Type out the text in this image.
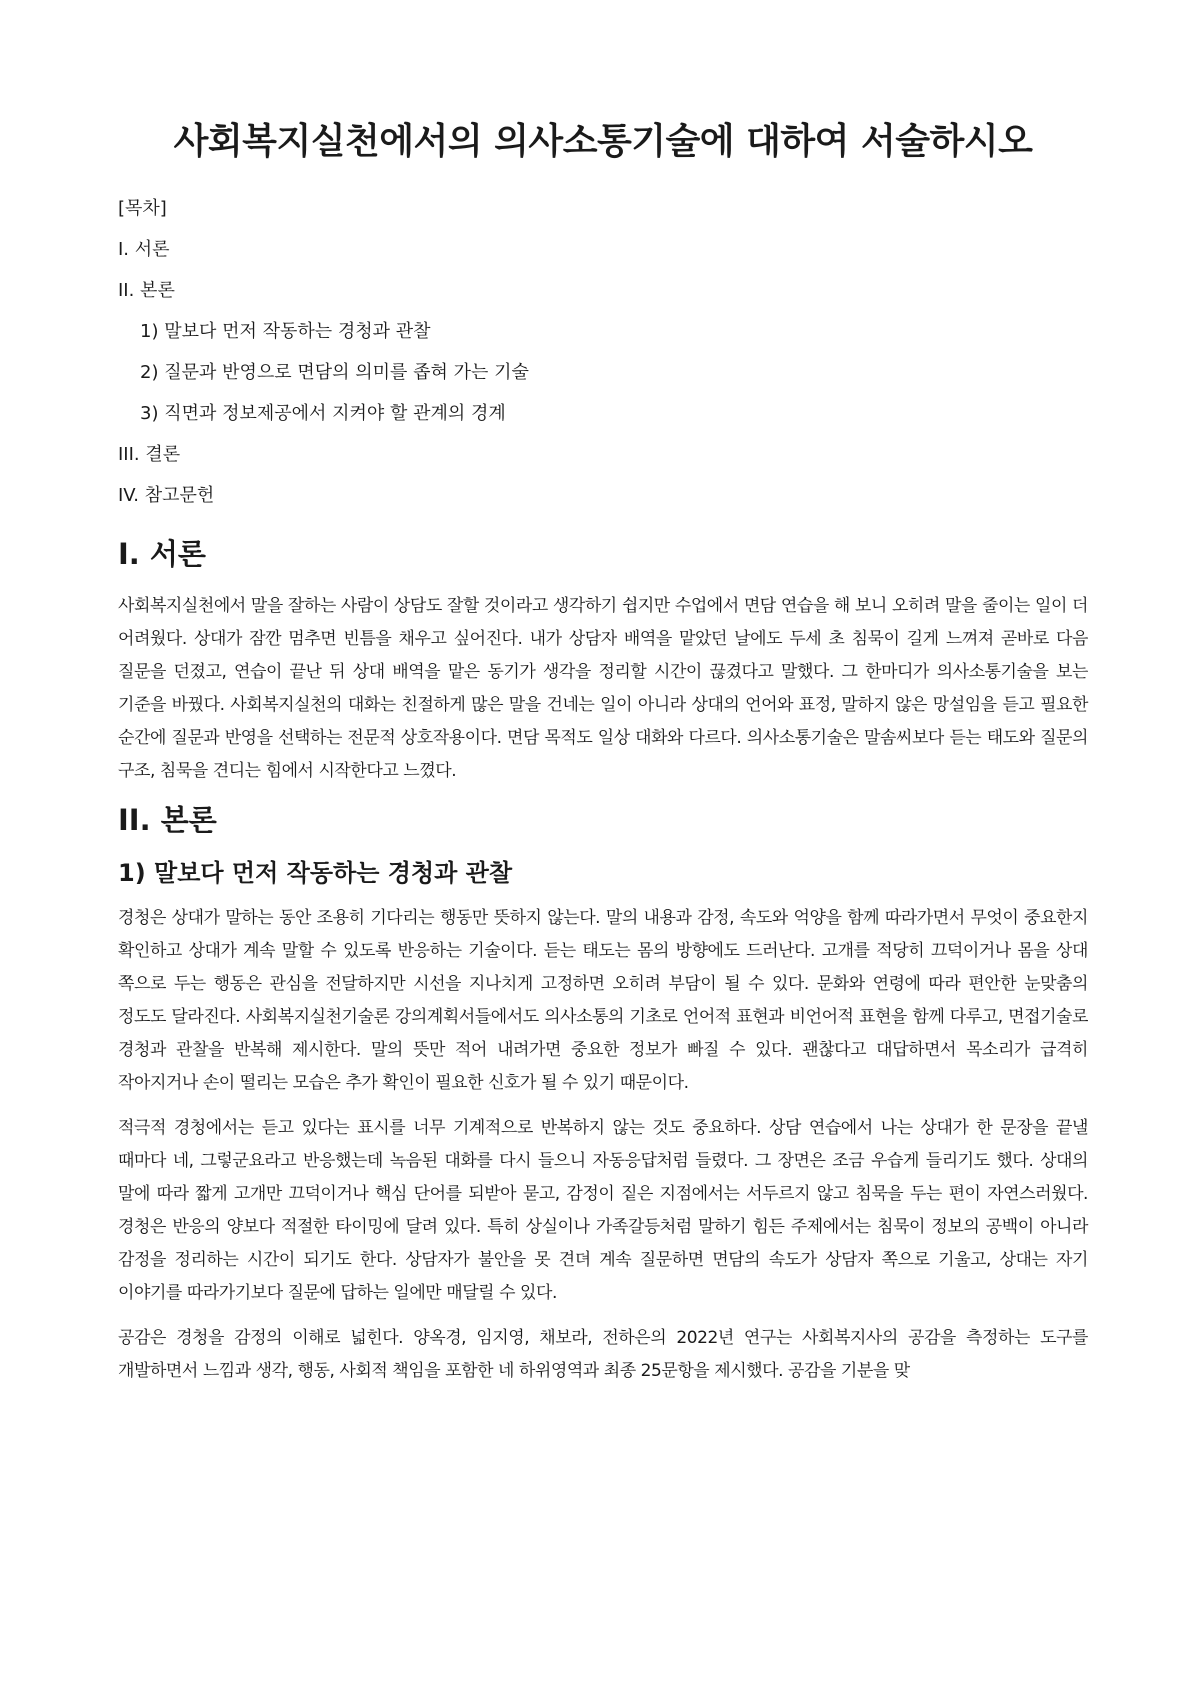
사회복지실천에서의 의사소통기술에 대하여 서술하시오
[목차]
I. 서론
II. 본론
1) 말보다 먼저 작동하는 경청과 관찰
2) 질문과 반영으로 면담의 의미를 좁혀 가는 기술
3) 직면과 정보제공에서 지켜야 할 관계의 경계
III. 결론
IV. 참고문헌
I. 서론

사회복지실천에서 말을 잘하는 사람이 상담도 잘할 것이라고 생각하기 쉽지만 수업에서 면담 연습을 해 보니 오히려 말을 줄이는 일이 더 어려웠다. 상대가 잠깐 멈추면 빈틈을 채우고 싶어진다. 내가 상담자 배역을 맡았던 날에도 두세 초 침묵이 길게 느껴져 곧바로 다음 질문을 던졌고, 연습이 끝난 뒤 상대 배역을 맡은 동기가 생각을 정리할 시간이 끊겼다고 말했다. 그 한마디가 의사소통기술을 보는 기준을 바꿨다. 사회복지실천의 대화는 친절하게 많은 말을 건네는 일이 아니라 상대의 언어와 표정, 말하지 않은 망설임을 듣고 필요한 순간에 질문과 반영을 선택하는 전문적 상호작용이다. 면담 목적도 일상 대화와 다르다. 의사소통기술은 말솜씨보다 듣는 태도와 질문의 구조, 침묵을 견디는 힘에서 시작한다고 느꼈다.

II. 본론
1) 말보다 먼저 작동하는 경청과 관찰

경청은 상대가 말하는 동안 조용히 기다리는 행동만 뜻하지 않는다. 말의 내용과 감정, 속도와 억양을 함께 따라가면서 무엇이 중요한지 확인하고 상대가 계속 말할 수 있도록 반응하는 기술이다. 듣는 태도는 몸의 방향에도 드러난다. 고개를 적당히 끄덕이거나 몸을 상대 쪽으로 두는 행동은 관심을 전달하지만 시선을 지나치게 고정하면 오히려 부담이 될 수 있다. 문화와 연령에 따라 편안한 눈맞춤의 정도도 달라진다. 사회복지실천기술론 강의계획서들에서도 의사소통의 기초로 언어적 표현과 비언어적 표현을 함께 다루고, 면접기술로 경청과 관찰을 반복해 제시한다. 말의 뜻만 적어 내려가면 중요한 정보가 빠질 수 있다. 괜찮다고 대답하면서 목소리가 급격히 작아지거나 손이 떨리는 모습은 추가 확인이 필요한 신호가 될 수 있기 때문이다.

적극적 경청에서는 듣고 있다는 표시를 너무 기계적으로 반복하지 않는 것도 중요하다. 상담 연습에서 나는 상대가 한 문장을 끝낼 때마다 네, 그렇군요라고 반응했는데 녹음된 대화를 다시 들으니 자동응답처럼 들렸다. 그 장면은 조금 우습게 들리기도 했다. 상대의 말에 따라 짧게 고개만 끄덕이거나 핵심 단어를 되받아 묻고, 감정이 짙은 지점에서는 서두르지 않고 침묵을 두는 편이 자연스러웠다. 경청은 반응의 양보다 적절한 타이밍에 달려 있다. 특히 상실이나 가족갈등처럼 말하기 힘든 주제에서는 침묵이 정보의 공백이 아니라 감정을 정리하는 시간이 되기도 한다. 상담자가 불안을 못 견뎌 계속 질문하면 면담의 속도가 상담자 쪽으로 기울고, 상대는 자기 이야기를 따라가기보다 질문에 답하는 일에만 매달릴 수 있다.

공감은 경청을 감정의 이해로 넓힌다. 양옥경, 임지영, 채보라, 전하은의 2022년 연구는 사회복지사의 공감을 측정하는 도구를 개발하면서 느낌과 생각, 행동, 사회적 책임을 포함한 네 하위영역과 최종 25문항을 제시했다. 공감을 기분을 맞
